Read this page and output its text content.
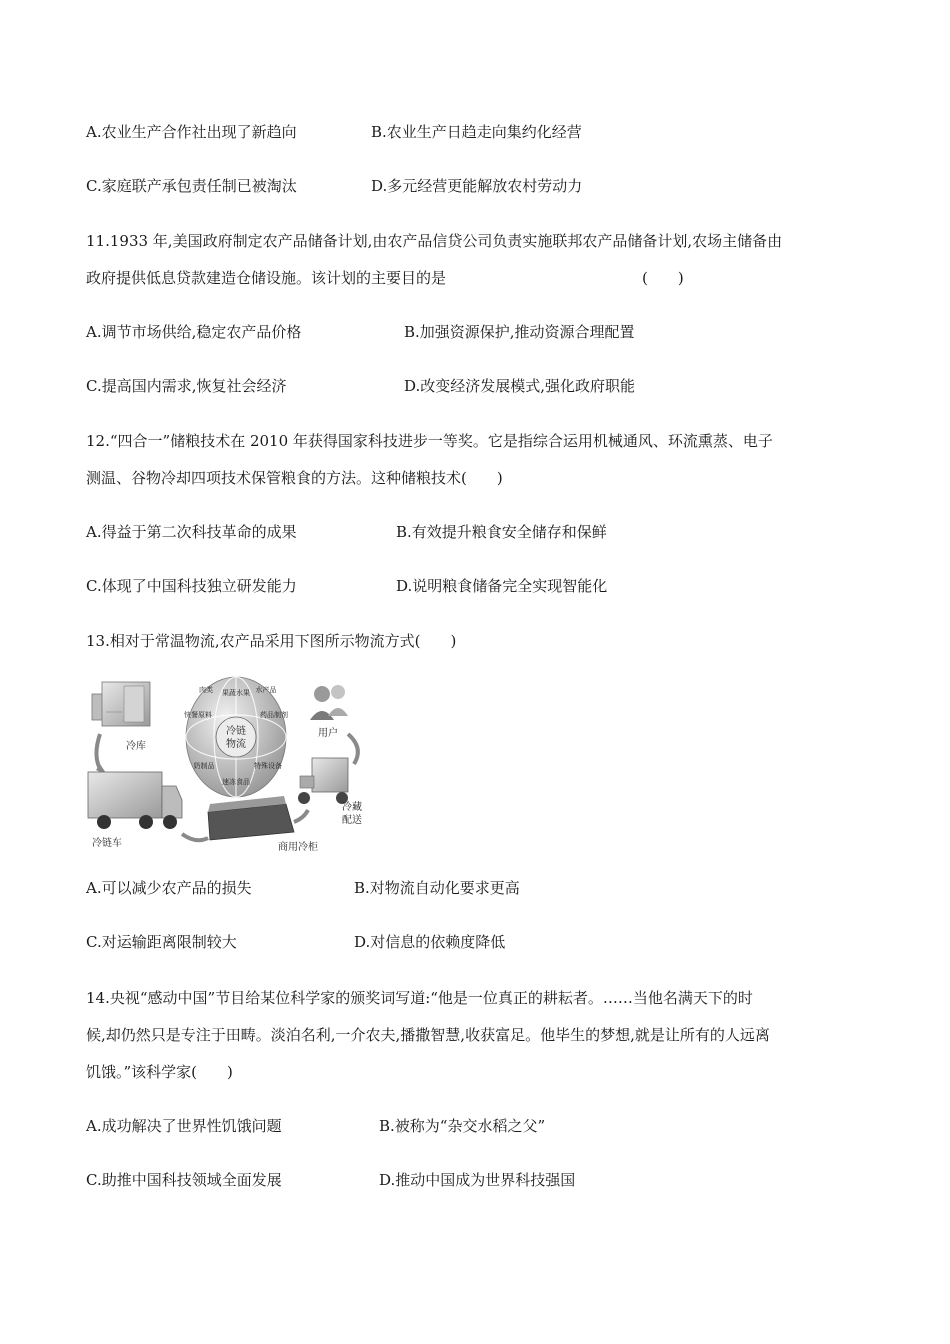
A.农业生产合作社出现了新趋向	B.农业生产日趋走向集约化经营
C.家庭联产承包责任制已被淘汰	D.多元经营更能解放农村劳动力
11.1933 年,美国政府制定农产品储备计划,由农产品信贷公司负责实施联邦农产品储备计划,农场主储备由
政府提供低息贷款建造仓储设施。该计划的主要目的是	(　　)
A.调节市场供给,稳定农产品价格	B.加强资源保护,推动资源合理配置
C.提高国内需求,恢复社会经济	D.改变经济发展模式,强化政府职能
12.“四合一”储粮技术在 2010 年获得国家科技进步一等奖。它是指综合运用机械通风、环流熏蒸、电子
测温、谷物冷却四项技术保管粮食的方法。这种储粮技术(　　)
A.得益于第二次科技革命的成果	B.有效提升粮食安全储存和保鲜
C.体现了中国科技独立研发能力	D.说明粮食储备完全实现智能化
13.相对于常温物流,农产品采用下图所示物流方式(　　)
冷库
冷链
物流
果蔬水果
速冻食品
快餐原料	药品制剂
奶制品	特殊设备
肉类	水产品
用户
冷藏
配送
冷链车	商用冷柜
A.可以减少农产品的损失	B.对物流自动化要求更高
C.对运输距离限制较大	D.对信息的依赖度降低
14.央视“感动中国”节目给某位科学家的颁奖词写道:“他是一位真正的耕耘者。……当他名满天下的时
候,却仍然只是专注于田畴。淡泊名利,一介农夫,播撒智慧,收获富足。他毕生的梦想,就是让所有的人远离
饥饿。”该科学家(　　)
A.成功解决了世界性饥饿问题	B.被称为“杂交水稻之父”
C.助推中国科技领域全面发展	D.推动中国成为世界科技强国
